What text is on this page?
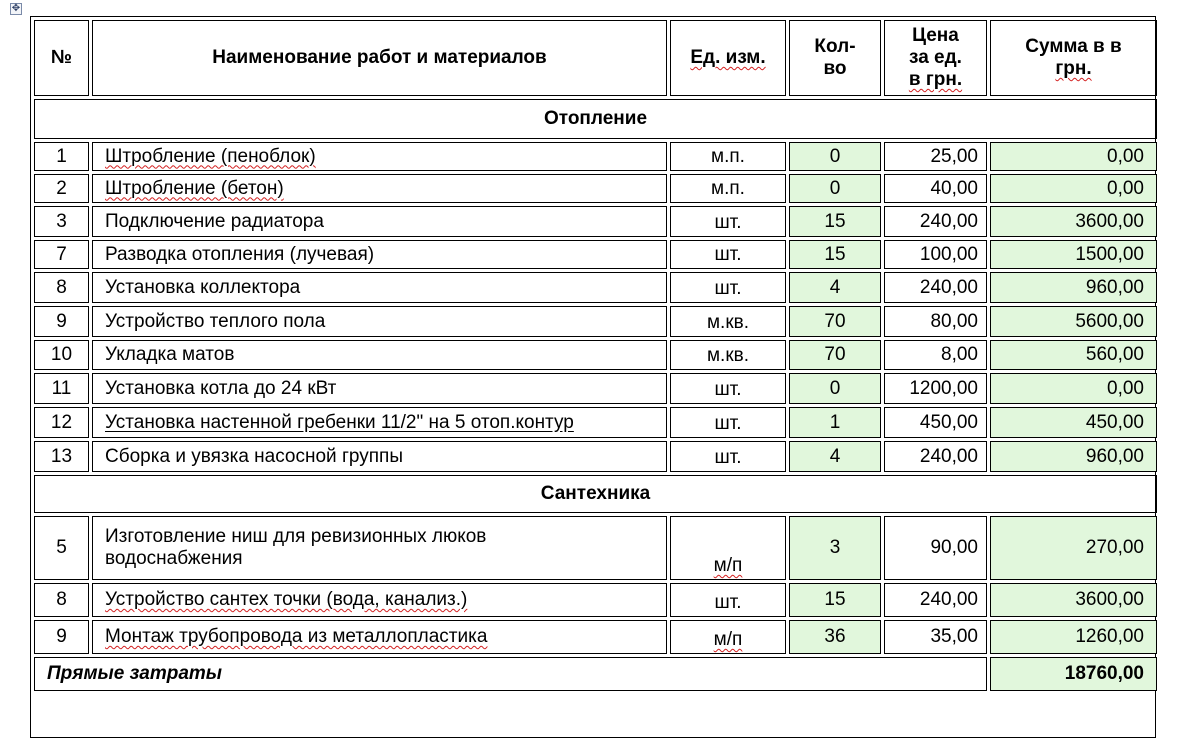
✥
№	Наименование работ и материалов	Ед. изм.	Кол-
во	Цена
за ед.
в грн.	Сумма в в
грн.
Отопление					
1	Штробление (пеноблок)	м.п.	0	25,00	0,00
2	Штробление (бетон)	м.п.	0	40,00	0,00
3	Подключение радиатора	шт.	15	240,00	3600,00
7	Разводка отопления (лучевая)	шт.	15	100,00	1500,00
8	Установка коллектора	шт.	4	240,00	960,00
9	Устройство теплого пола	м.кв.	70	80,00	5600,00
10	Укладка матов	м.кв.	70	8,00	560,00
11	Установка котла до 24 кВт	шт.	0	1200,00	0,00
12	Установка настенной гребенки 11/2" на 5 отоп.контур	шт.	1	450,00	450,00
13	Сборка и увязка насосной группы	шт.	4	240,00	960,00
Сантехника					
5	Изготовление ниш для ревизионных люков
водоснабжения	м/п	3	90,00	270,00
8	Устройство сантех точки (вода, канализ.)	шт.	15	240,00	3600,00
9	Монтаж трубопровода из металлопластика	м/п	36	35,00	1260,00
Прямые затраты					18760,00
